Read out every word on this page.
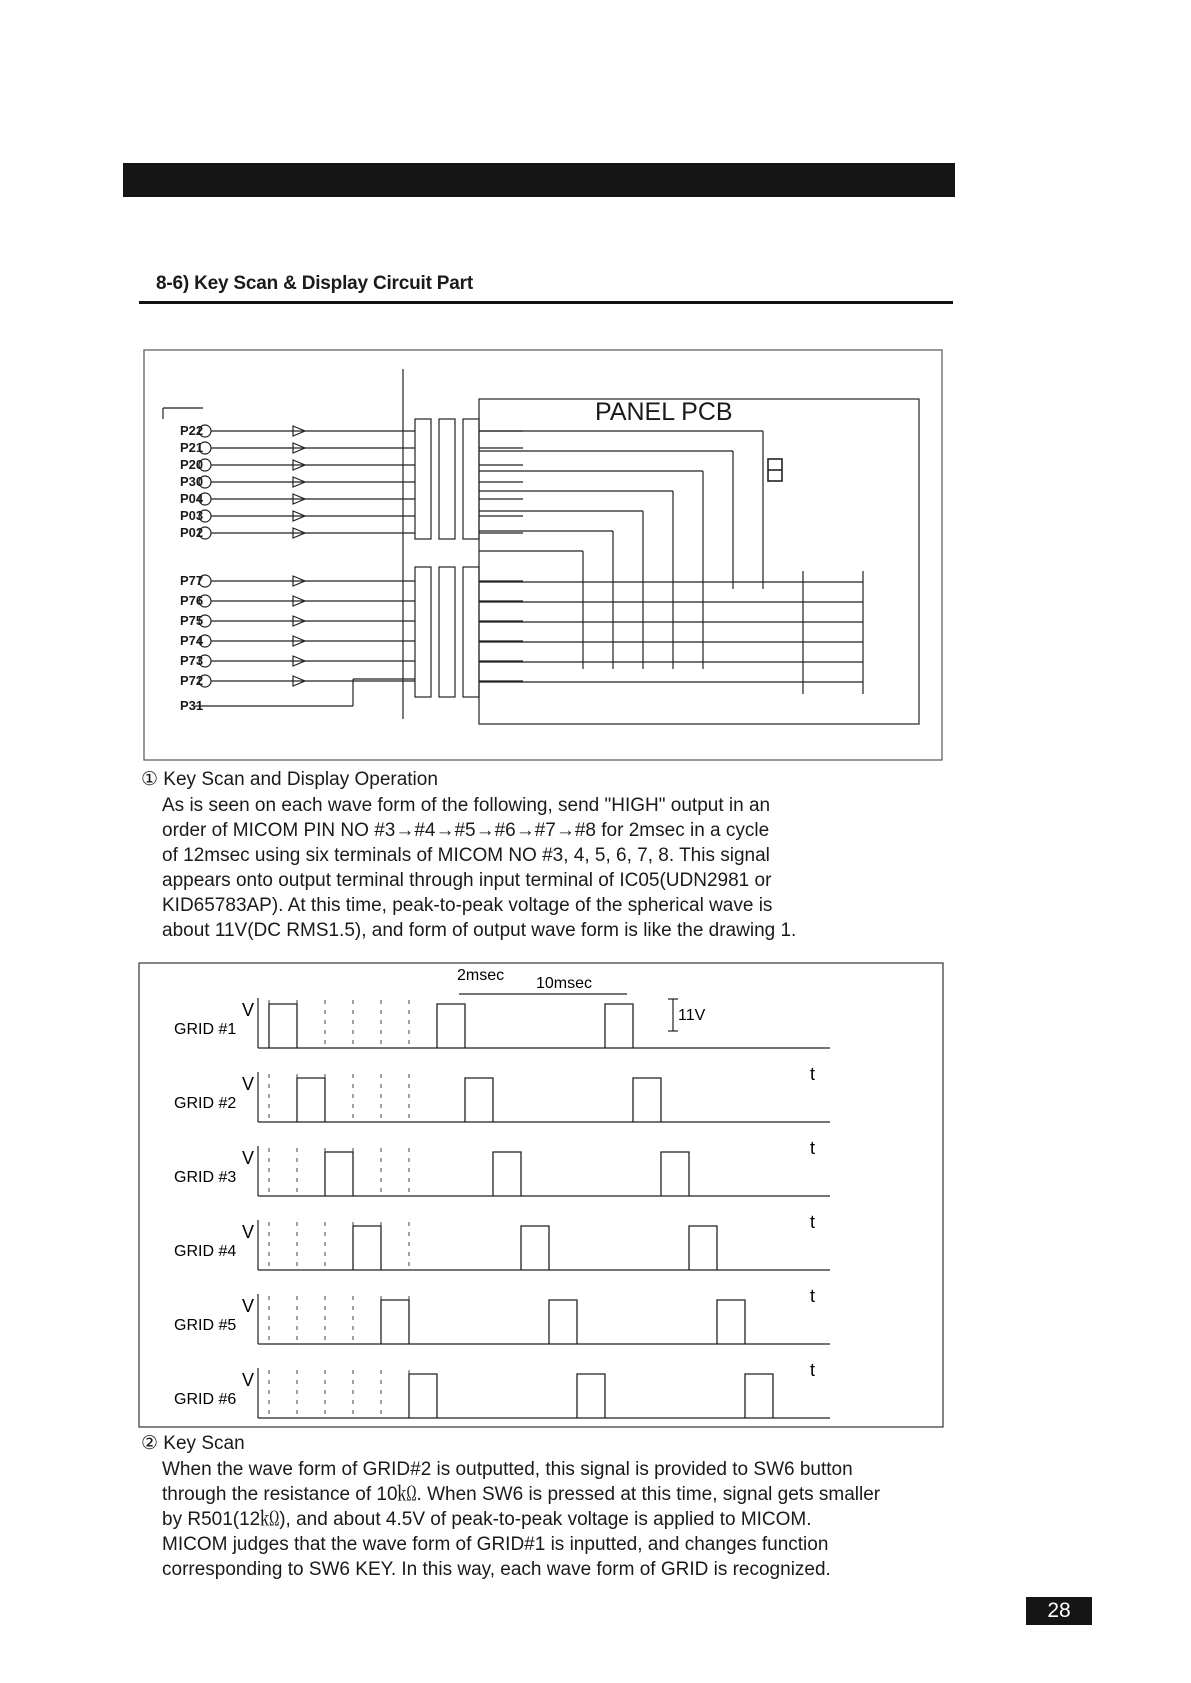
8-6) Key Scan & Display Circuit Part
PANEL PCB
P22
P21
P20
P30
P04
P03
P02
P77
P76
P75
P74
P73
P72
P31
① Key Scan and Display Operation

As is seen on each wave form of the following, send "HIGH" output in an

order of MICOM PIN NO #3→#4→#5→#6→#7→#8 for 2msec in a cycle

of 12msec using six terminals of MICOM NO #3, 4, 5, 6, 7, 8. This signal

appears onto output terminal through input terminal of IC05(UDN2981 or

KID65783AP). At this time, peak-to-peak voltage of the spherical wave is

about 11V(DC RMS1.5), and form of output wave form is like the drawing 1.

2msec 10msec
11V
GRID #1
V
GRID #2
V	t
GRID #3
V	t
GRID #4
V	t
GRID #5
V	t
GRID #6
V	t
② Key Scan

When the wave form of GRID#2 is outputted, this signal is provided to SW6 button

through the resistance of 10㏀. When SW6 is pressed at this time, signal gets smaller

by R501(12㏀), and about 4.5V of peak-to-peak voltage is applied to MICOM.

MICOM judges that the wave form of GRID#1 is inputted, and changes function

corresponding to SW6 KEY. In this way, each wave form of GRID is recognized.

28
